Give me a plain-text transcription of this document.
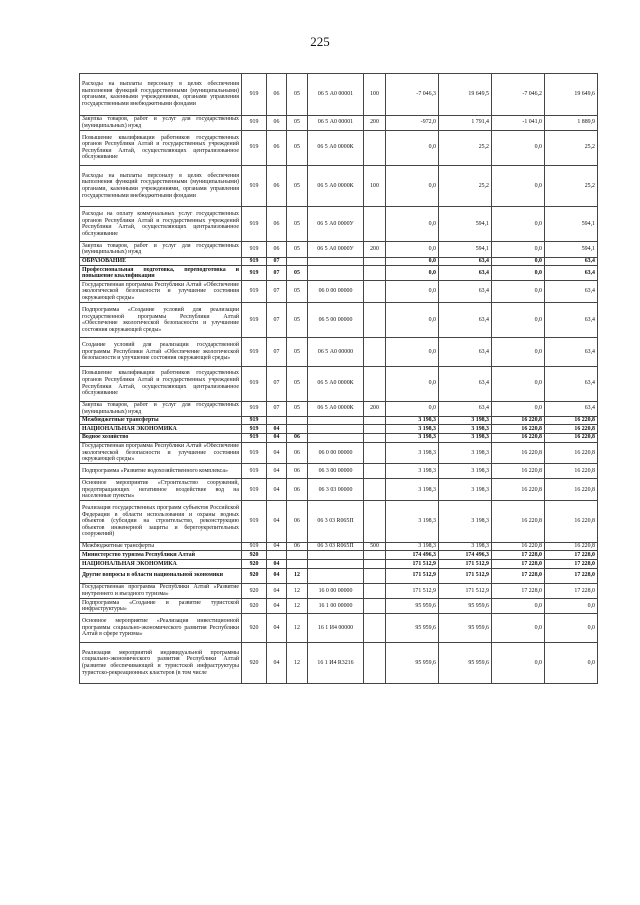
225
Расходы на выплаты персоналу в целях обеспечения выполнения функций государственными (муниципальными) органами, казенными учреждениями, органами управления государственными внебюджетными фондами	919	06	05	06 5 А0 00001	100	-7 046,3	19 649,5	-7 046,2	19 649,6
Закупка товаров, работ и услуг для государственных (муниципальных) нужд	919	06	05	06 5 А0 00001	200	-972,0	1 791,4	-1 041,0	1 889,9
Повышение квалификации работников государственных органов Республики Алтай и государственных учреждений Республики Алтай, осуществляющих централизованное обслуживание	919	06	05	06 5 А0 0000К		0,0	25,2	0,0	25,2
Расходы на выплаты персоналу в целях обеспечения выполнения функций государственными (муниципальными) органами, казенными учреждениями, органами управления государственными внебюджетными фондами	919	06	05	06 5 А0 0000К	100	0,0	25,2	0,0	25,2
Расходы на оплату коммунальных услуг государственных органов Республики Алтай и государственных учреждений Республики Алтай, осуществляющих централизованное обслуживание	919	06	05	06 5 А0 0000У		0,0	594,1	0,0	594,1
Закупка товаров, работ и услуг для государственных (муниципальных) нужд	919	06	05	06 5 А0 0000У	200	0,0	594,1	0,0	594,1
ОБРАЗОВАНИЕ	919	07				0,0	63,4	0,0	63,4
Профессиональная подготовка, переподготовка и повышение квалификации	919	07	05			0,0	63,4	0,0	63,4
Государственная программа Республики Алтай «Обеспечение экологической безопасности и улучшение состояния окружающей среды»	919	07	05	06 0 00 00000		0,0	63,4	0,0	63,4
Подпрограмма «Создание условий для реализации государственной программы Республики Алтай «Обеспечение экологической безопасности и улучшение состояния окружающей среды»	919	07	05	06 5 00 00000		0,0	63,4	0,0	63,4
Создание условий для реализации государственной программы Республики Алтай «Обеспечение экологической безопасности и улучшение состояния окружающей среды»	919	07	05	06 5 А0 00000		0,0	63,4	0,0	63,4
Повышение квалификации работников государственных органов Республики Алтай и государственных учреждений Республики Алтай, осуществляющих централизованное обслуживание	919	07	05	06 5 А0 0000К		0,0	63,4	0,0	63,4
Закупка товаров, работ и услуг для государственных (муниципальных) нужд	919	07	05	06 5 А0 0000К	200	0,0	63,4	0,0	63,4
Межбюджетные трансферты	919					3 198,3	3 198,3	16 220,8	16 220,8
НАЦИОНАЛЬНАЯ ЭКОНОМИКА	919	04				3 198,3	3 198,3	16 220,8	16 220,8
Водное хозяйство	919	04	06			3 198,3	3 198,3	16 220,8	16 220,8
Государственная программа Республики Алтай «Обеспечение экологической безопасности и улучшение состояния окружающей среды»	919	04	06	06 0 00 00000		3 198,3	3 198,3	16 220,8	16 220,8
Подпрограмма «Развитие водохозяйственного комплекса»	919	04	06	06 3 00 00000		3 198,3	3 198,3	16 220,8	16 220,8
Основное мероприятие «Строительство сооружений, предотвращающих негативное воздействие вод на населенные пункты»	919	04	06	06 3 03 00000		3 198,3	3 198,3	16 220,8	16 220,8
Реализация государственных программ субъектов Российской Федерации в области использования и охраны водных объектов (субсидии на строительство, реконструкцию объектов инженерной защиты и берегоукрепительных сооружений)	919	04	06	06 3 03 R065П		3 198,3	3 198,3	16 220,8	16 220,8
Межбюджетные трансферты	919	04	06	06 3 03 R065П	500	3 198,3	3 198,3	16 220,8	16 220,8
Министерство туризма Республики Алтай	920					174 496,3	174 496,3	17 228,0	17 228,0
НАЦИОНАЛЬНАЯ ЭКОНОМИКА	920	04				171 512,9	171 512,9	17 228,0	17 228,0
Другие вопросы в области национальной экономики	920	04	12			171 512,9	171 512,9	17 228,0	17 228,0
Государственная программа Республики Алтай «Развитие внутреннего и въездного туризма»	920	04	12	16 0 00 00000		171 512,9	171 512,9	17 228,0	17 228,0
Подпрограмма «Создание и развитие туристской инфраструктуры»	920	04	12	16 1 00 00000		95 959,6	95 959,6	0,0	0,0
Основное мероприятие «Реализация инвестиционной программы социально-экономического развития Республики Алтай в сфере туризма»	920	04	12	16 1 И4 00000		95 959,6	95 959,6	0,0	0,0
Реализация мероприятий индивидуальной программы социально-экономического развития Республики Алтай (развитие обеспечивающей и туристской инфраструктуры туристско-рекреационных кластеров (в том числе	920	04	12	16 1 И4 R3216		95 959,6	95 959,6	0,0	0,0
